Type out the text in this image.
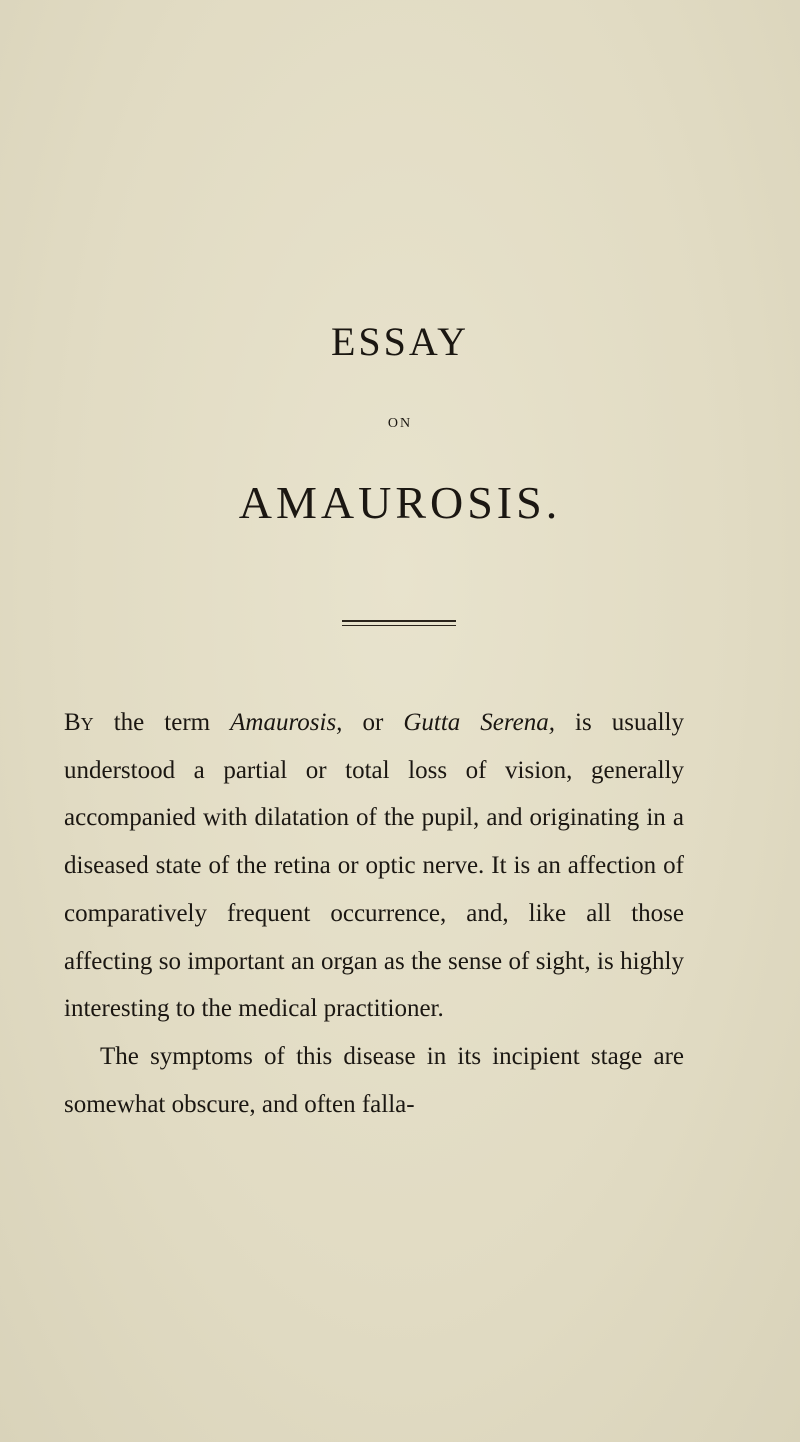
ESSAY
ON
AMAUROSIS.

By the term Amaurosis, or Gutta Serena, is usually understood a partial or total loss of vision, generally accompanied with dilatation of the pupil, and originating in a diseased state of the retina or optic nerve. It is an affection of comparatively frequent occurrence, and, like all those affecting so important an organ as the sense of sight, is highly interesting to the medical practitioner.

The symptoms of this disease in its incipient stage are somewhat obscure, and often falla-
